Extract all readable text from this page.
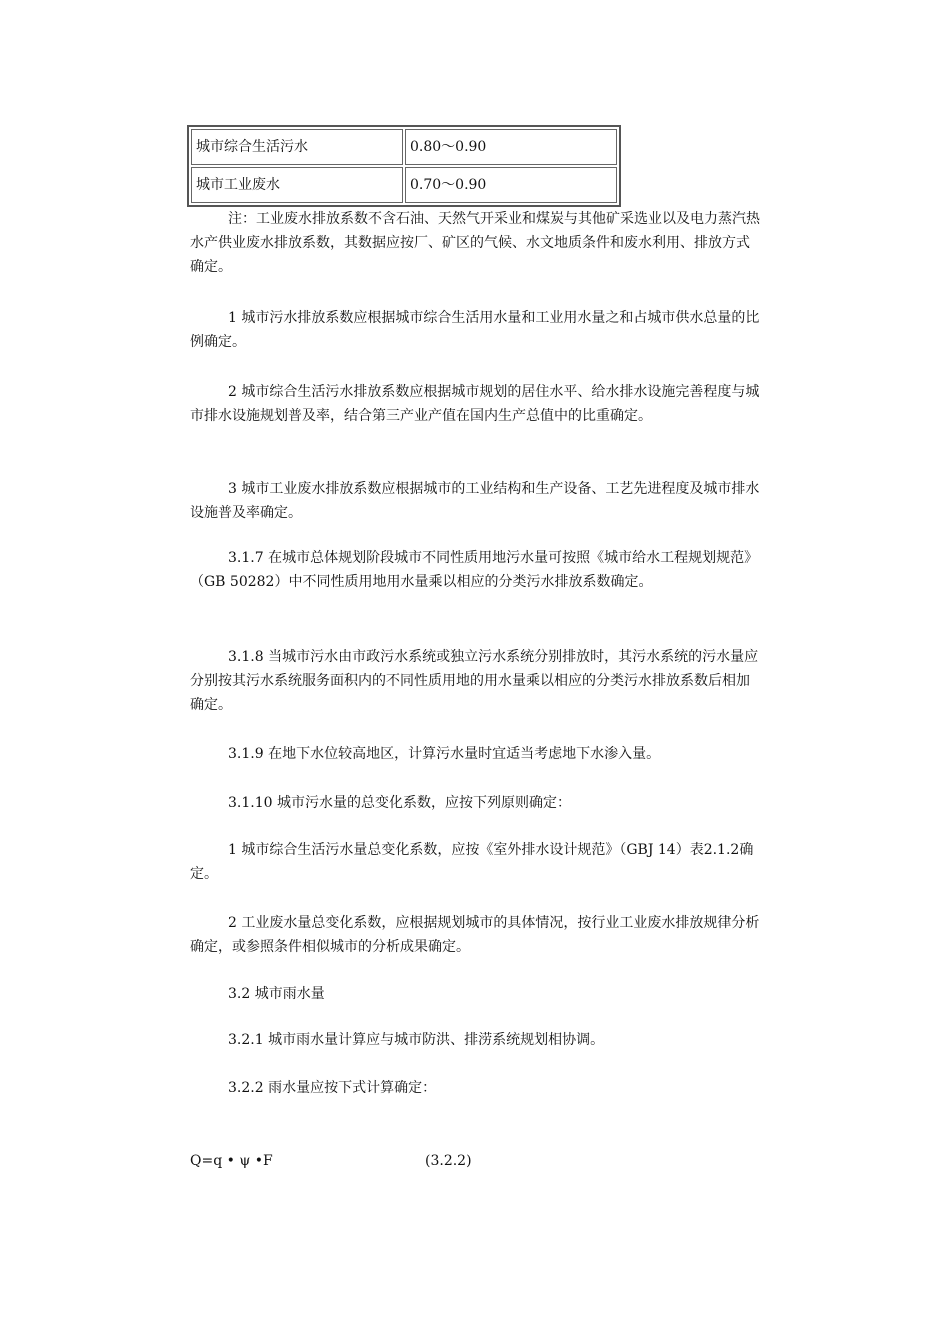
城市综合生活污水	0.80～0.90
城市工业废水	0.70～0.90
注：工业废水排放系数不含石油、天然气开采业和煤炭与其他矿采选业以及电力蒸汽热水产供业废水排放系数，其数据应按厂、矿区的气候、水文地质条件和废水利用、排放方式确定。
1 城市污水排放系数应根据城市综合生活用水量和工业用水量之和占城市供水总量的比例确定。
2 城市综合生活污水排放系数应根据城市规划的居住水平、给水排水设施完善程度与城市排水设施规划普及率，结合第三产业产值在国内生产总值中的比重确定。
3 城市工业废水排放系数应根据城市的工业结构和生产设备、工艺先进程度及城市排水设施普及率确定。
3.1.7 在城市总体规划阶段城市不同性质用地污水量可按照《城市给水工程规划规范》（GB 50282）中不同性质用地用水量乘以相应的分类污水排放系数确定。
3.1.8 当城市污水由市政污水系统或独立污水系统分别排放时，其污水系统的污水量应分别按其污水系统服务面积内的不同性质用地的用水量乘以相应的分类污水排放系数后相加确定。
3.1.9 在地下水位较高地区，计算污水量时宜适当考虑地下水渗入量。
3.1.10 城市污水量的总变化系数，应按下列原则确定：
1 城市综合生活污水量总变化系数，应按《室外排水设计规范》（GBJ 14）表2.1.2确定。
2 工业废水量总变化系数，应根据规划城市的具体情况，按行业工业废水排放规律分析确定，或参照条件相似城市的分析成果确定。
3.2 城市雨水量
3.2.1 城市雨水量计算应与城市防洪、排涝系统规划相协调。
3.2.2 雨水量应按下式计算确定：
Q=q • ψ •F	(3.2.2)
